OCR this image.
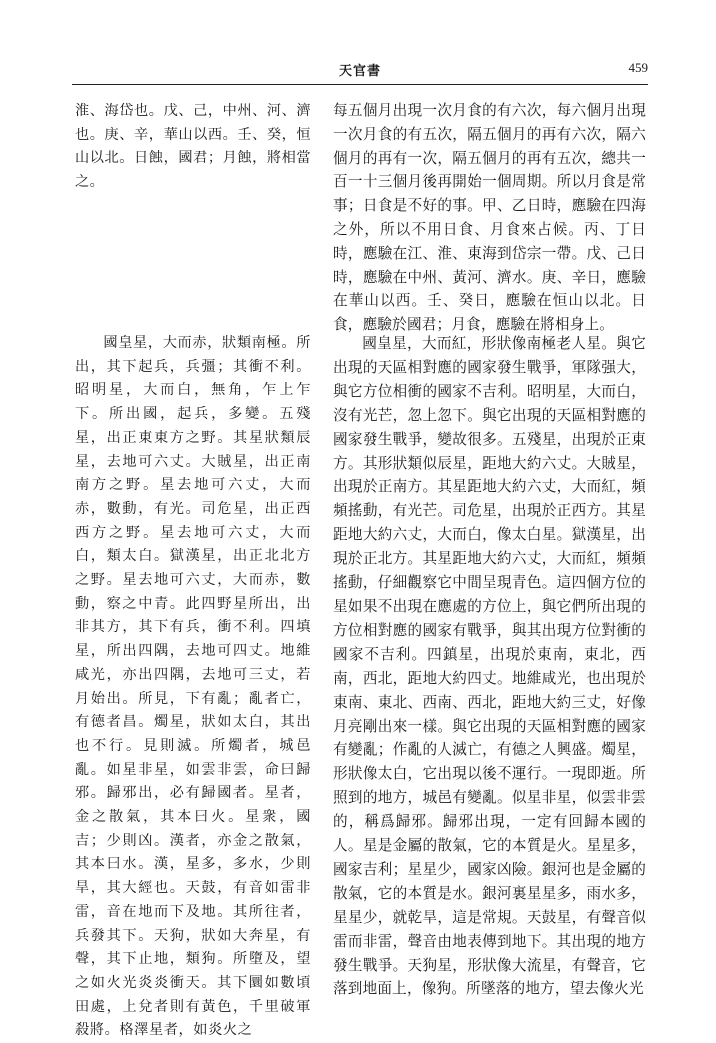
天官書	459

淮、海岱也。戊、己，中州、河、濟也。庚、辛，華山以西。壬、癸，恒山以北。日蝕，國君；月蝕，將相當之。

每五個月出現一次月食的有六次，每六個月出現一次月食的有五次，隔五個月的再有六次，隔六個月的再有一次，隔五個月的再有五次，總共一百一十三個月後再開始一個周期。所以月食是常事；日食是不好的事。甲、乙日時，應驗在四海之外，所以不用日食、月食來占候。丙、丁日時，應驗在江、淮、東海到岱宗一帶。戊、己日時，應驗在中州、黃河、濟水。庚、辛日，應驗在華山以西。壬、癸日，應驗在恒山以北。日食，應驗於國君；月食，應驗在將相身上。

國皇星，大而赤，狀類南極。所出，其下起兵，兵彊；其衝不利。昭明星，大而白，無角，乍上乍下。所出國，起兵，多變。五殘星，出正東東方之野。其星狀類辰星，去地可六丈。大賊星，出正南南方之野。星去地可六丈，大而赤，數動，有光。司危星，出正西西方之野。星去地可六丈，大而白，類太白。獄漢星，出正北北方之野。星去地可六丈，大而赤，數動，察之中青。此四野星所出，出非其方，其下有兵，衝不利。四填星，所出四隅，去地可四丈。地維咸光，亦出四隅，去地可三丈，若月始出。所見，下有亂；亂者亡，有德者昌。燭星，狀如太白，其出也不行。見則滅。所燭者，城邑亂。如星非星，如雲非雲，命曰歸邪。歸邪出，必有歸國者。星者，金之散氣，其本曰火。星衆，國吉；少則凶。漢者，亦金之散氣，其本曰水。漢，星多，多水，少則旱，其大經也。天鼓，有音如雷非雷，音在地而下及地。其所往者，兵發其下。天狗，狀如大奔星，有聲，其下止地，類狗。所墮及，望之如火光炎炎衝天。其下圜如數頃田處，上兌者則有黃色，千里破軍殺將。格澤星者，如炎火之

國皇星，大而紅，形狀像南極老人星。與它出現的天區相對應的國家發生戰爭，軍隊强大，與它方位相衝的國家不吉利。昭明星，大而白，沒有光芒，忽上忽下。與它出現的天區相對應的國家發生戰爭，變故很多。五殘星，出現於正東方。其形狀類似辰星，距地大約六丈。大賊星，出現於正南方。其星距地大約六丈，大而紅，頻頻搖動，有光芒。司危星，出現於正西方。其星距地大約六丈，大而白，像太白星。獄漢星，出現於正北方。其星距地大約六丈，大而紅，頻頻搖動，仔細觀察它中間呈現青色。這四個方位的星如果不出現在應處的方位上，與它們所出現的方位相對應的國家有戰爭，與其出現方位對衝的國家不吉利。四鎮星，出現於東南，東北，西南，西北，距地大約四丈。地維咸光，也出現於東南、東北、西南、西北，距地大約三丈，好像月亮剛出來一樣。與它出現的天區相對應的國家有變亂；作亂的人滅亡，有德之人興盛。燭星，形狀像太白，它出現以後不運行。一現即逝。所照到的地方，城邑有變亂。似星非星，似雲非雲的，稱爲歸邪。歸邪出現，一定有回歸本國的人。星是金屬的散氣，它的本質是火。星星多，國家吉利；星星少，國家凶險。銀河也是金屬的散氣，它的本質是水。銀河裏星星多，雨水多，星星少，就乾旱，這是常規。天鼓星，有聲音似雷而非雷，聲音由地表傳到地下。其出現的地方發生戰爭。天狗星，形狀像大流星，有聲音，它落到地面上，像狗。所墜落的地方，望去像火光
